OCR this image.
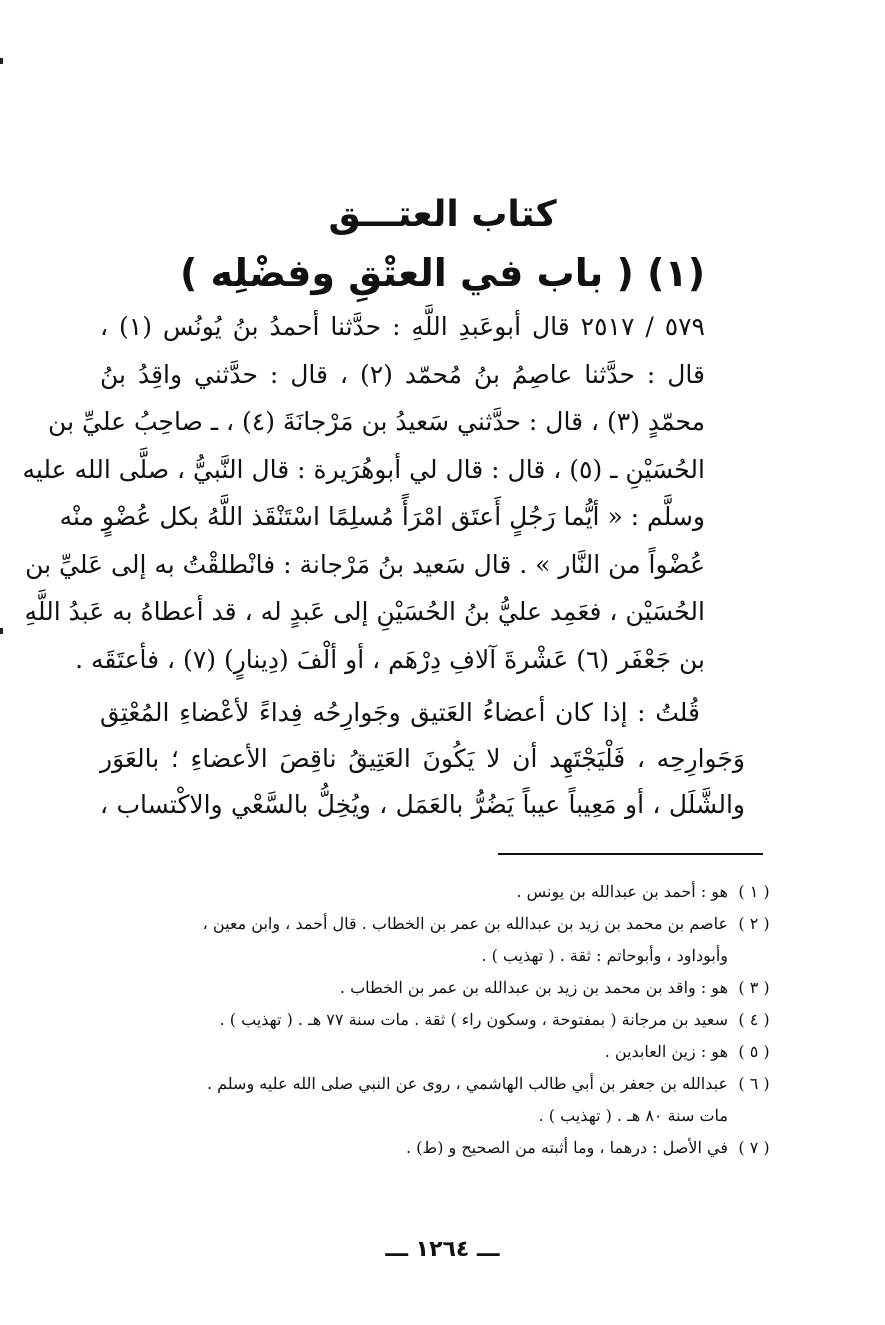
كتاب العتـــق
(١) ( باب في العتْقِ وفضْلِه )
٥٧٩ / ٢٥١٧ قال أبوعَبدِ اللَّهِ : حدَّثنا أحمدُ بنُ يُونُس (١) ،
قال : حدَّثنا عاصِمُ بنُ مُحمّد (٢) ، قال : حدَّثني واقِدُ بنُ
محمّدٍ (٣) ، قال : حدَّثني سَعيدُ بن مَرْجانَةَ (٤) ، ـ صاحِبُ عليِّ بن
الحُسَيْنِ ـ (٥) ، قال : قال لي أبوهُرَيرة : قال النَّبيُّ ، صلَّى الله عليه
وسلَّم : « أيُّما رَجُلٍ أَعتَق امْرَأً مُسلِمًا اسْتَنْقَذ اللَّهُ بكل عُضْوٍ منْه
عُضْواً من النَّار » . قال سَعيد بنُ مَرْجانة : فانْطلقْتُ به إلى عَليِّ بن
الحُسَيْن ، فعَمِد عليُّ بنُ الحُسَيْنِ إلى عَبدٍ له ، قد أعطاهُ به عَبدُ اللَّهِ
بن جَعْفَر (٦) عَشْرةَ آلافِ دِرْهَم ، أو ألْفَ (دِينارٍ) (٧) ، فأعتَقَه .
قُلتُ : إذا كان أعضاءُ العَتيق وجَوارِحُه فِداءً لأعْضاءِ المُعْتِق
وَجَوارِحِه ، فَلْيَجْتَهِد أن لا يَكُونَ العَتِيقُ ناقِصَ الأعضاءِ ؛ بالعَوَر
والشَّلَل ، أو مَعِيباً عيباً يَضُرُّ بالعَمَل ، ويُخِلُّ بالسَّعْي والاكْتساب ،
( ١ )
هو : أحمد بن عبدالله بن يونس .
( ٢ )
عاصم بن محمد بن زيد بن عبدالله بن عمر بن الخطاب . قال أحمد ، وابن معين ،
وأبوداود ، وأبوحاتم : ثقة . ( تهذيب ) .
( ٣ )
هو : واقد بن محمد بن زيد بن عبدالله بن عمر بن الخطاب .
( ٤ )
سعيد بن مرجانة ( بمفتوحة ، وسكون راء ) ثقة . مات سنة ٧٧ هـ . ( تهذيب ) .
( ٥ )
هو : زين العابدين .
( ٦ )
عبدالله بن جعفر بن أبي طالب الهاشمي ، روى عن النبي صلى الله عليه وسلم .
مات سنة ٨٠ هـ . ( تهذيب ) .
( ٧ )
في الأصل : درهما ، وما أثبته من الصحيح و (ط) .
ـــ ١٢٦٤ ـــ
